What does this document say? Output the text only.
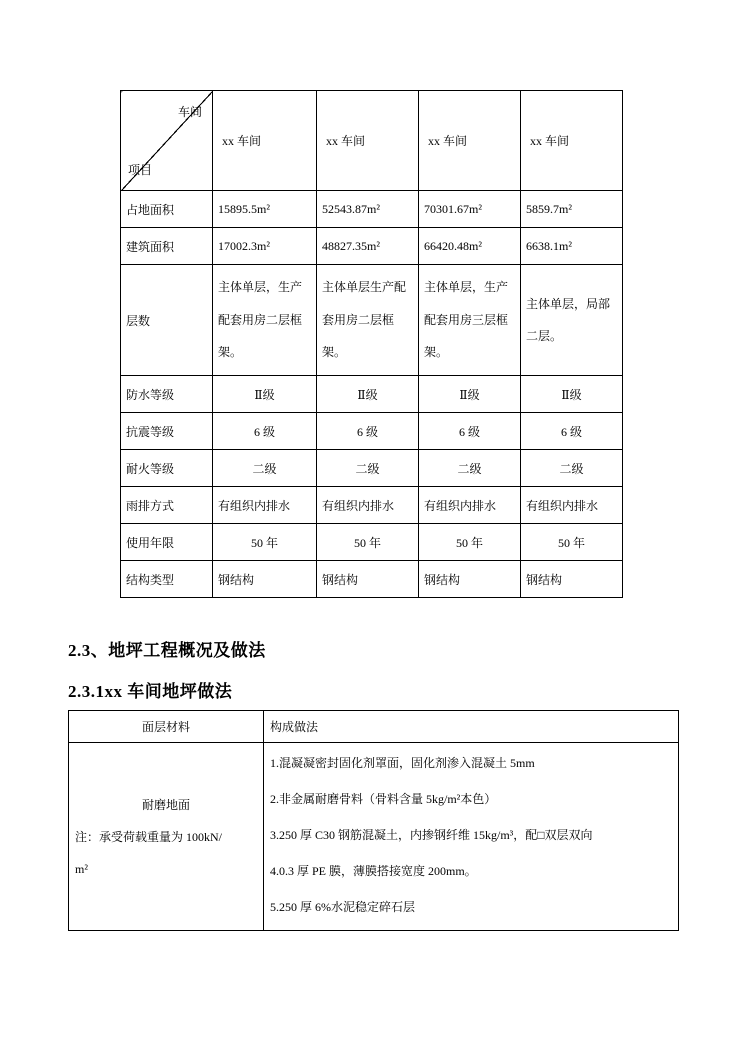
车间
项目	xx 车间	xx 车间	xx 车间	xx 车间
占地面积	15895.5m²	52543.87m²	70301.67m²	5859.7m²
建筑面积	17002.3m²	48827.35m²	66420.48m²	6638.1m²
层数	主体单层，生产配套用房二层框架。	主体单层生产配套用房二层框架。	主体单层，生产配套用房三层框架。	主体单层，局部二层。
防水等级	Ⅱ级	Ⅱ级	Ⅱ级	Ⅱ级
抗震等级	6 级	6 级	6 级	6 级
耐火等级	二级	二级	二级	二级
雨排方式	有组织内排水	有组织内排水	有组织内排水	有组织内排水
使用年限	50 年	50 年	50 年	50 年
结构类型	钢结构	钢结构	钢结构	钢结构
2.3、地坪工程概况及做法
2.3.1xx 车间地坪做法
面层材料	构成做法

耐磨地面
注：承受荷载重量为 100kN/
m²

1.混凝凝密封固化剂罩面，固化剂渗入混凝土 5mm
2.非金属耐磨骨料（骨料含量 5kg/m²本色）
3.250 厚 C30 钢筋混凝土，内掺钢纤维 15kg/m³，配□双层双向
4.0.3 厚 PE 膜，薄膜搭接宽度 200mm。
5.250 厚 6%水泥稳定碎石层
